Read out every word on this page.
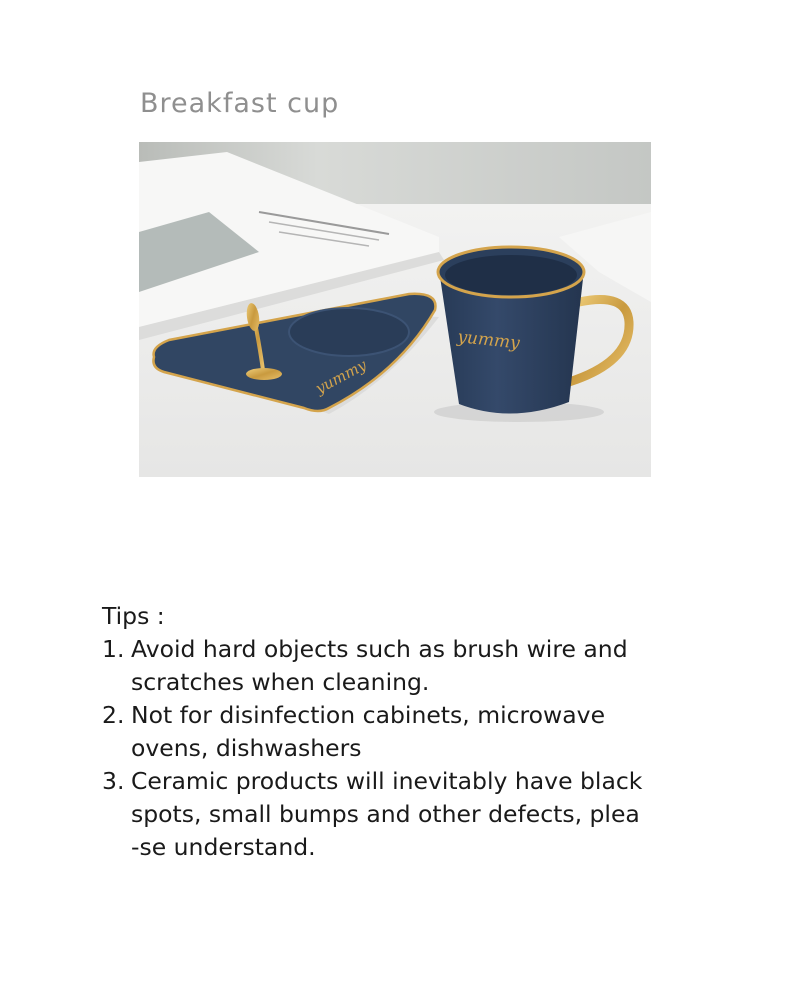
Breakfast cup
yummy
yummy

Tips :

1. Avoid hard objects such as brush wire and
scratches when cleaning.
2. Not for disinfection cabinets, microwave
ovens, dishwashers
3. Ceramic products will inevitably have black
spots, small bumps and other defects, plea
-se understand.
